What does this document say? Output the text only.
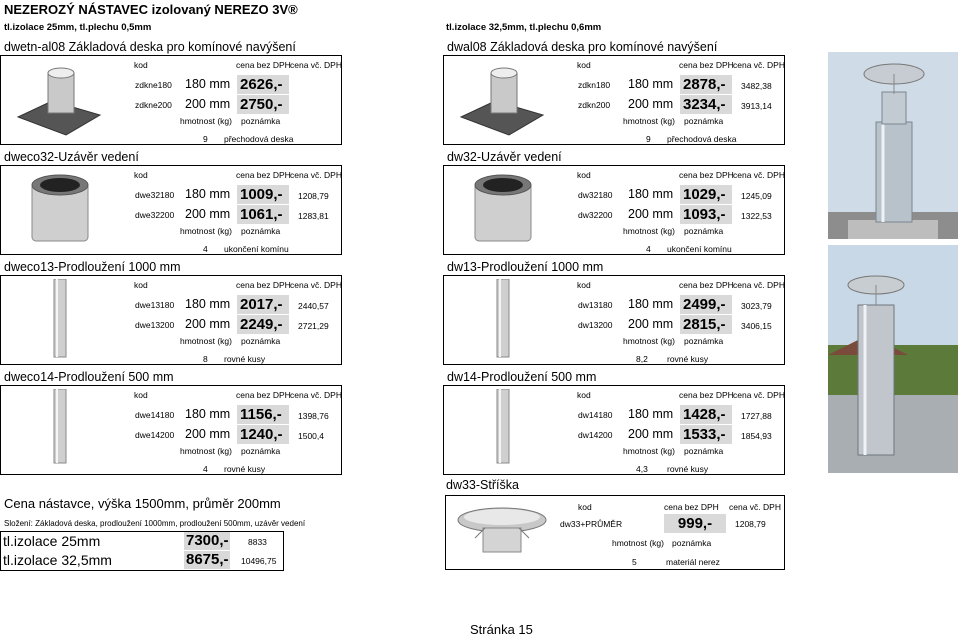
NEZEROZÝ NÁSTAVEC izolovaný NEREZO 3V®
tl.izolace 25mm, tl.plechu 0,5mm	tl.izolace 32,5mm, tl.plechu 0,6mm
dwetn-al08 Základová deska pro komínové navýšení
kod	cena bez DPH cena vč. DPH
zdkne180 180 mm 2626,-
zdkne200 200 mm 2750,-
hmotnost (kg) poznámka
9 přechodová deska
dweco32-Uzávěr vedení
kod	cena bez DPH cena vč. DPH
dwe32180 180 mm 1009,-	1208,79
dwe32200 200 mm 1061,-	1283,81
hmotnost (kg) poznámka
4 ukončení komínu
dweco13-Prodloužení 1000 mm
kod	cena bez DPH cena vč. DPH
dwe13180 180 mm 2017,-	2440,57
dwe13200 200 mm 2249,-	2721,29
hmotnost (kg) poznámka
8 rovné kusy
dweco14-Prodloužení 500 mm
kod	cena bez DPH cena vč. DPH
dwe14180 180 mm 1156,-	1398,76
dwe14200 200 mm 1240,-	1500,4
hmotnost (kg) poznámka
4 rovné kusy
dwal08 Základová deska pro komínové navýšení
kod	cena bez DPH cena vč. DPH
zdkn180 180 mm 2878,-	3482,38
zdkn200 200 mm 3234,-	3913,14
hmotnost (kg) poznámka
9 přechodová deska
dw32-Uzávěr vedení
kod	cena bez DPH cena vč. DPH
dw32180 180 mm 1029,-	1245,09
dw32200 200 mm 1093,-	1322,53
hmotnost (kg) poznámka
4 ukončení komínu
dw13-Prodloužení 1000 mm
kod	cena bez DPH cena vč. DPH
dw13180 180 mm 2499,-	3023,79
dw13200 200 mm 2815,-	3406,15
hmotnost (kg) poznámka
8,2 rovné kusy
dw14-Prodloužení 500 mm
kod	cena bez DPH cena vč. DPH
dw14180 180 mm 1428,-	1727,88
dw14200 200 mm 1533,-	1854,93
hmotnost (kg) poznámka
4,3 rovné kusy
dw33-Stříška
kod	cena bez DPH cena vč. DPH
dw33+PRŮMĚR	999,-	1208,79
hmotnost (kg) poznámka
5	materiál nerez
Cena nástavce, výška 1500mm, průměr 200mm
Složení: Základová deska, prodloužení 1000mm, prodloužení 500mm, uzávěr vedení
tl.izolace 25mm	7300,- 8833
tl.izolace 32,5mm	8675,- 10496,75
Stránka 15
